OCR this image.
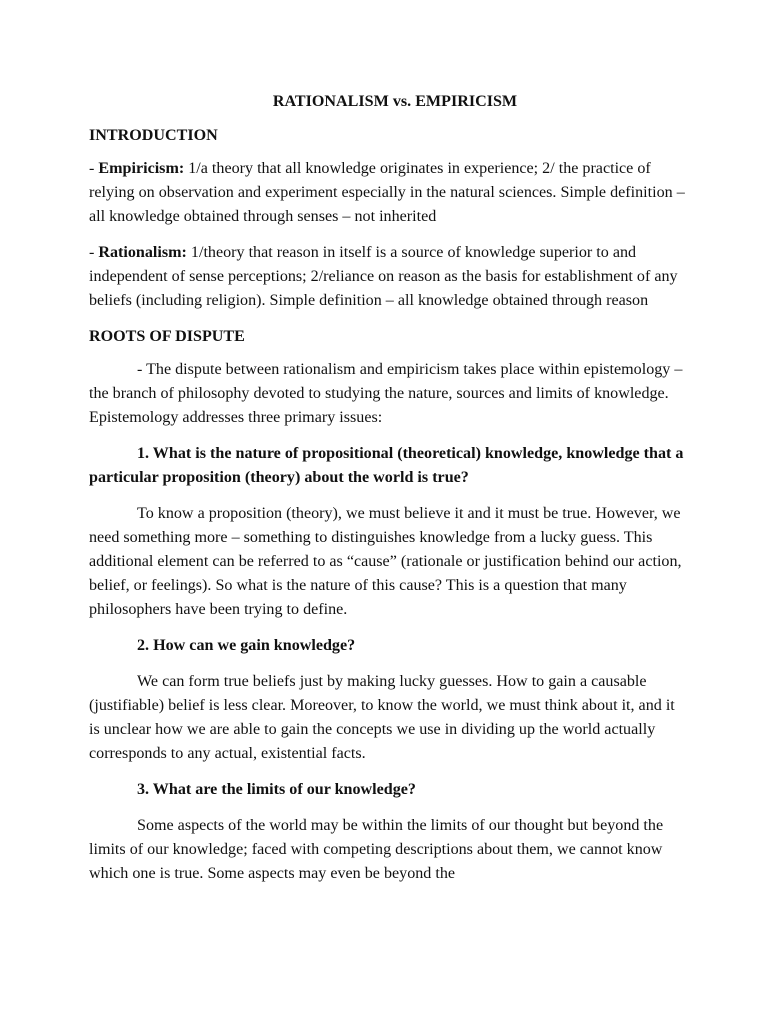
RATIONALISM vs. EMPIRICISM
INTRODUCTION

- Empiricism: 1/a theory that all knowledge originates in experience; 2/ the practice of relying on observation and experiment especially in the natural sciences. Simple definition – all knowledge obtained through senses – not inherited

- Rationalism: 1/theory that reason in itself is a source of knowledge superior to and independent of sense perceptions; 2/reliance on reason as the basis for establishment of any beliefs (including religion). Simple definition – all knowledge obtained through reason

ROOTS OF DISPUTE

- The dispute between rationalism and empiricism takes place within epistemology – the branch of philosophy devoted to studying the nature, sources and limits of knowledge. Epistemology addresses three primary issues:

1. What is the nature of propositional (theoretical) knowledge, knowledge that a particular proposition (theory) about the world is true?

To know a proposition (theory), we must believe it and it must be true. However, we need something more – something to distinguishes knowledge from a lucky guess. This additional element can be referred to as “cause” (rationale or justification behind our action, belief, or feelings). So what is the nature of this cause? This is a question that many philosophers have been trying to define.

2. How can we gain knowledge?

We can form true beliefs just by making lucky guesses. How to gain a causable (justifiable) belief is less clear. Moreover, to know the world, we must think about it, and it is unclear how we are able to gain the concepts we use in dividing up the world actually corresponds to any actual, existential facts.

3. What are the limits of our knowledge?

Some aspects of the world may be within the limits of our thought but beyond the limits of our knowledge; faced with competing descriptions about them, we cannot know which one is true. Some aspects may even be beyond the
